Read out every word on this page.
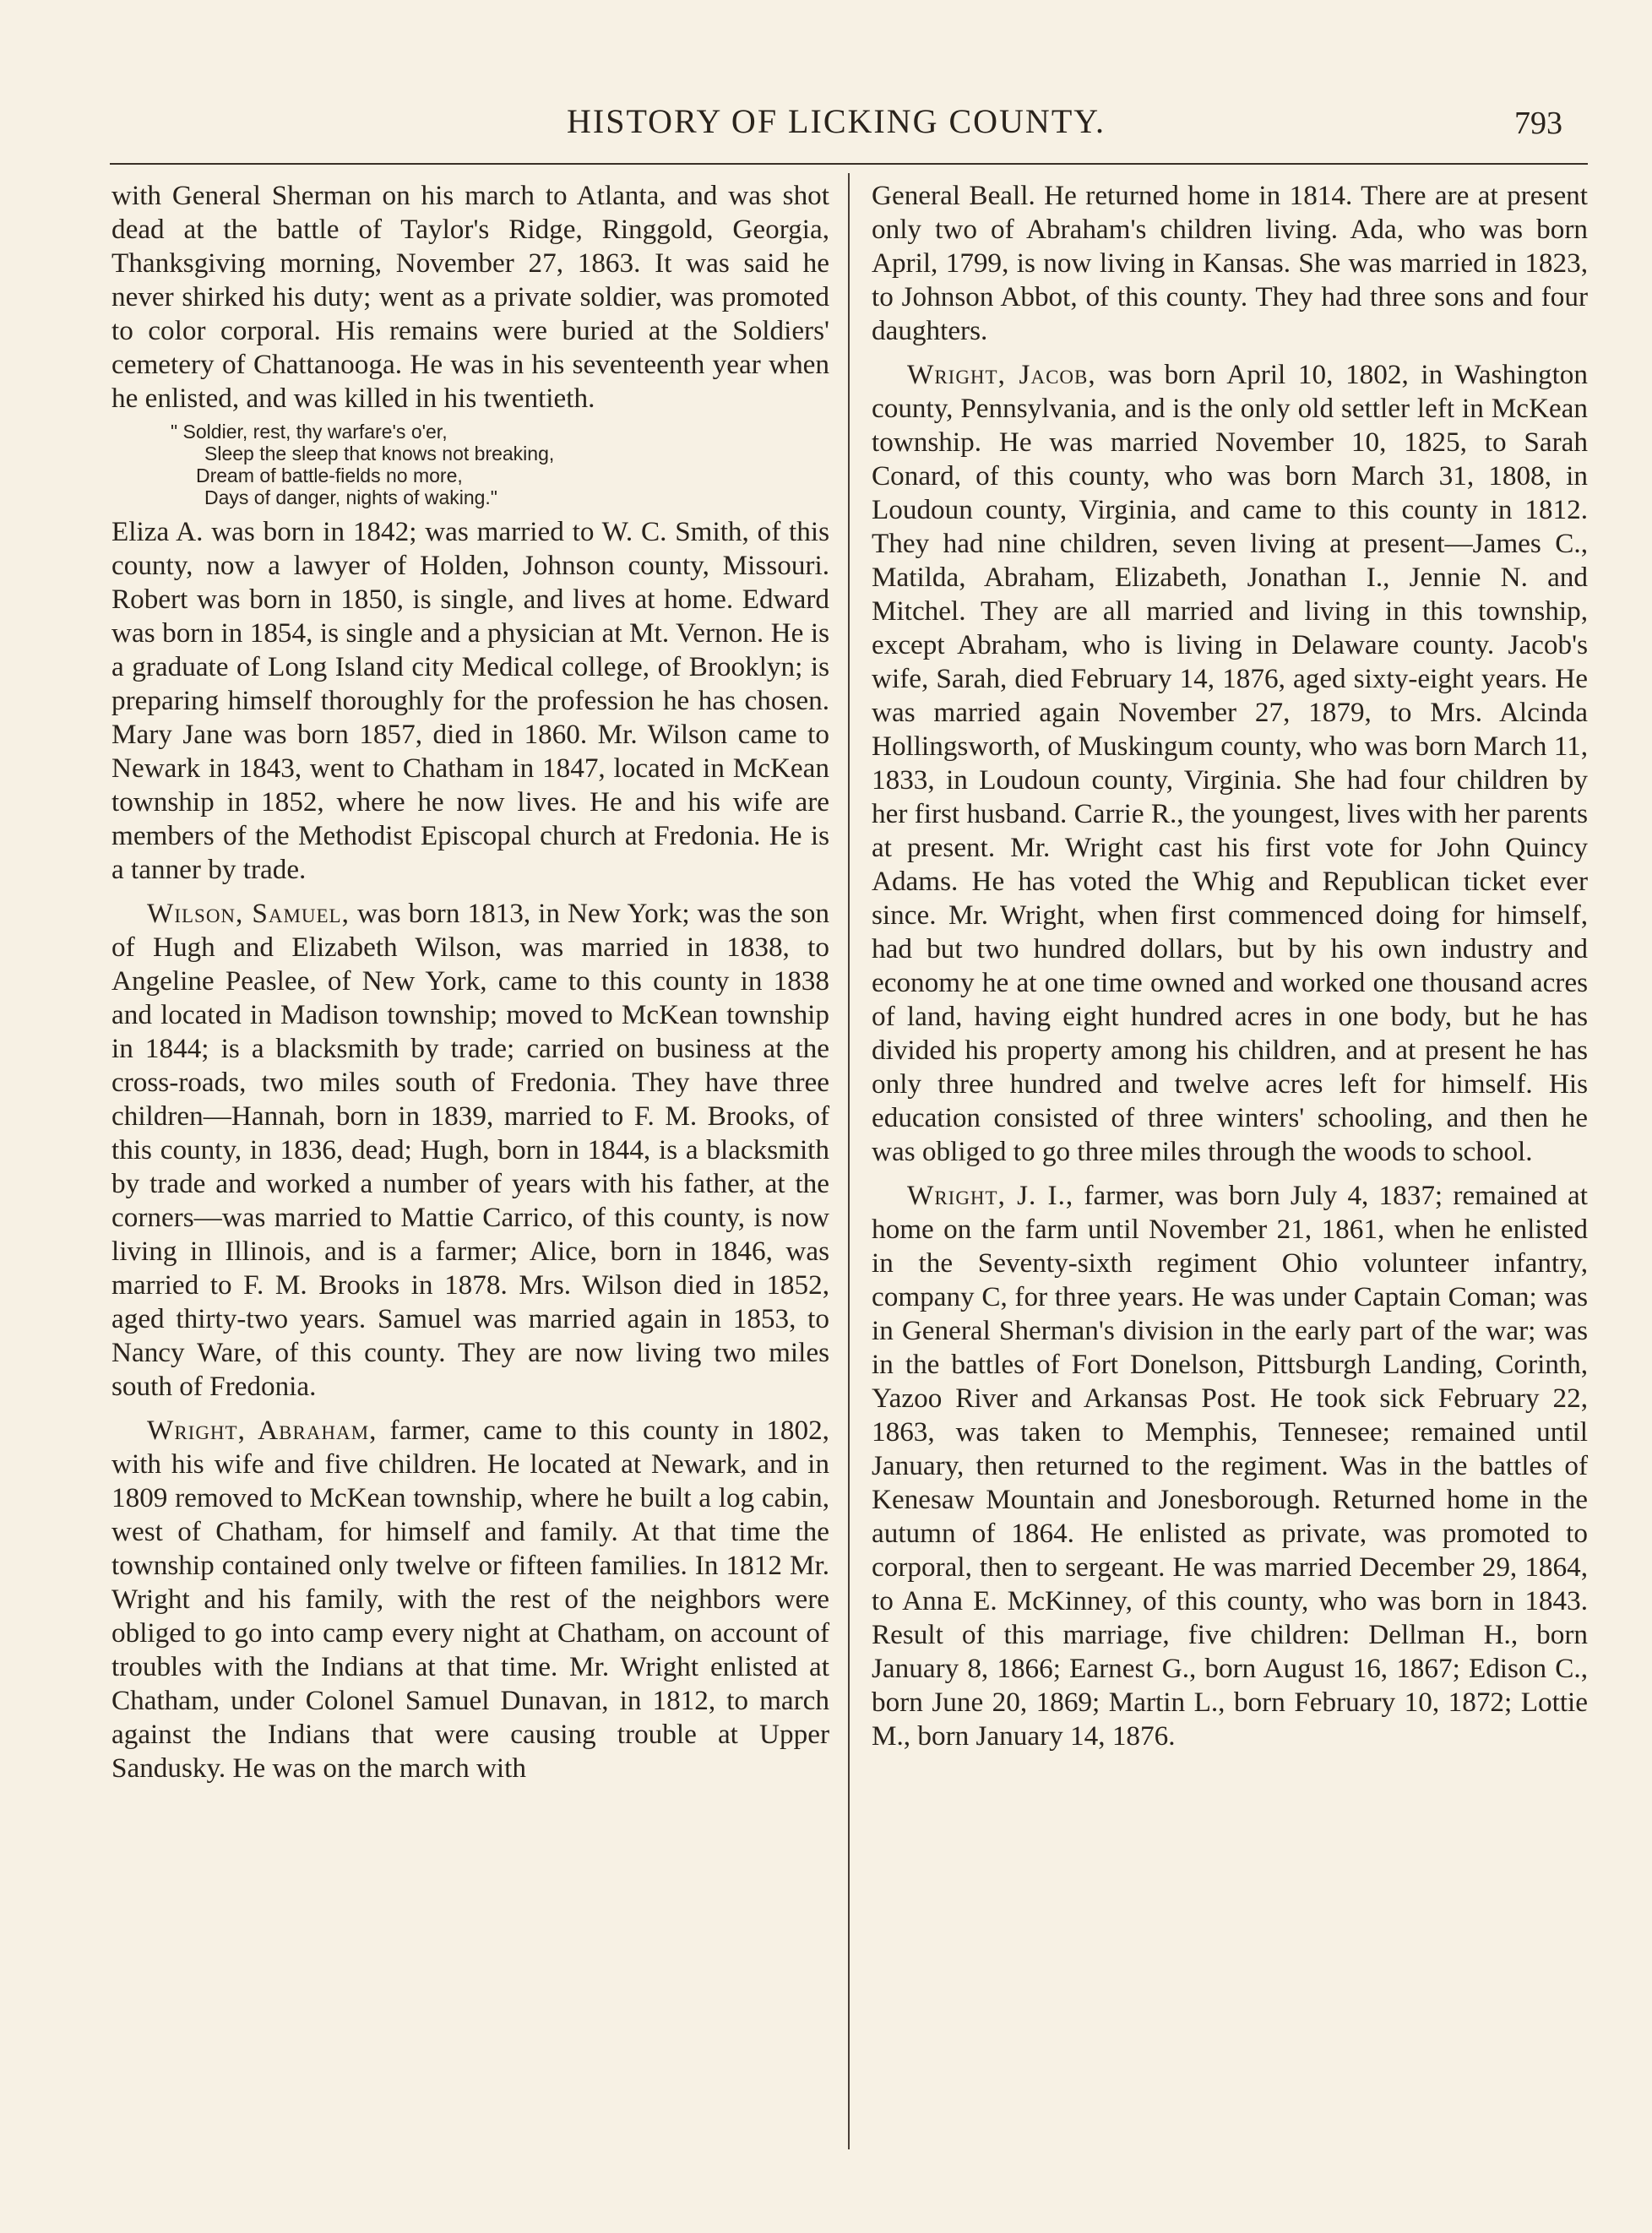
HISTORY OF LICKING COUNTY.	793

with General Sherman on his march to Atlanta, and was shot dead at the battle of Taylor's Ridge, Ringgold, Georgia, Thanksgiving morning, November 27, 1863. It was said he never shirked his duty; went as a private soldier, was promoted to color corporal. His remains were buried at the Soldiers' cemetery of Chattanooga. He was in his seventeenth year when he enlisted, and was killed in his twentieth.

" Soldier, rest, thy warfare's o'er,
Sleep the sleep that knows not breaking,
Dream of battle-fields no more,
Days of danger, nights of waking."

Eliza A. was born in 1842; was married to W. C. Smith, of this county, now a lawyer of Holden, Johnson county, Missouri. Robert was born in 1850, is single, and lives at home. Edward was born in 1854, is single and a physician at Mt. Vernon. He is a graduate of Long Island city Medical college, of Brooklyn; is preparing himself thoroughly for the profession he has chosen. Mary Jane was born 1857, died in 1860. Mr. Wilson came to Newark in 1843, went to Chatham in 1847, located in McKean township in 1852, where he now lives. He and his wife are members of the Methodist Episcopal church at Fredonia. He is a tanner by trade.

Wilson, Samuel, was born 1813, in New York; was the son of Hugh and Elizabeth Wilson, was married in 1838, to Angeline Peaslee, of New York, came to this county in 1838 and located in Madison township; moved to McKean township in 1844; is a blacksmith by trade; carried on business at the cross-roads, two miles south of Fredonia. They have three children—Hannah, born in 1839, married to F. M. Brooks, of this county, in 1836, dead; Hugh, born in 1844, is a blacksmith by trade and worked a number of years with his father, at the corners—was married to Mattie Carrico, of this county, is now living in Illinois, and is a farmer; Alice, born in 1846, was married to F. M. Brooks in 1878. Mrs. Wilson died in 1852, aged thirty-two years. Samuel was married again in 1853, to Nancy Ware, of this county. They are now living two miles south of Fredonia.

Wright, Abraham, farmer, came to this county in 1802, with his wife and five children. He located at Newark, and in 1809 removed to McKean township, where he built a log cabin, west of Chatham, for himself and family. At that time the township contained only twelve or fifteen families. In 1812 Mr. Wright and his family, with the rest of the neighbors were obliged to go into camp every night at Chatham, on account of troubles with the Indians at that time. Mr. Wright enlisted at Chatham, under Colonel Samuel Dunavan, in 1812, to march against the Indians that were causing trouble at Upper Sandusky. He was on the march with

General Beall. He returned home in 1814. There are at present only two of Abraham's children living. Ada, who was born April, 1799, is now living in Kansas. She was married in 1823, to Johnson Abbot, of this county. They had three sons and four daughters.

Wright, Jacob, was born April 10, 1802, in Washington county, Pennsylvania, and is the only old settler left in McKean township. He was married November 10, 1825, to Sarah Conard, of this county, who was born March 31, 1808, in Loudoun county, Virginia, and came to this county in 1812. They had nine children, seven living at present—James C., Matilda, Abraham, Elizabeth, Jonathan I., Jennie N. and Mitchel. They are all married and living in this township, except Abraham, who is living in Delaware county. Jacob's wife, Sarah, died February 14, 1876, aged sixty-eight years. He was married again November 27, 1879, to Mrs. Alcinda Hollingsworth, of Muskingum county, who was born March 11, 1833, in Loudoun county, Virginia. She had four children by her first husband. Carrie R., the youngest, lives with her parents at present. Mr. Wright cast his first vote for John Quincy Adams. He has voted the Whig and Republican ticket ever since. Mr. Wright, when first commenced doing for himself, had but two hundred dollars, but by his own industry and economy he at one time owned and worked one thousand acres of land, having eight hundred acres in one body, but he has divided his property among his children, and at present he has only three hundred and twelve acres left for himself. His education consisted of three winters' schooling, and then he was obliged to go three miles through the woods to school.

Wright, J. I., farmer, was born July 4, 1837; remained at home on the farm until November 21, 1861, when he enlisted in the Seventy-sixth regiment Ohio volunteer infantry, company C, for three years. He was under Captain Coman; was in General Sherman's division in the early part of the war; was in the battles of Fort Donelson, Pittsburgh Landing, Corinth, Yazoo River and Arkansas Post. He took sick February 22, 1863, was taken to Memphis, Tennesee; remained until January, then returned to the regiment. Was in the battles of Kenesaw Mountain and Jonesborough. Returned home in the autumn of 1864. He enlisted as private, was promoted to corporal, then to sergeant. He was married December 29, 1864, to Anna E. McKinney, of this county, who was born in 1843. Result of this marriage, five children: Dellman H., born January 8, 1866; Earnest G., born August 16, 1867; Edison C., born June 20, 1869; Martin L., born February 10, 1872; Lottie M., born January 14, 1876.
